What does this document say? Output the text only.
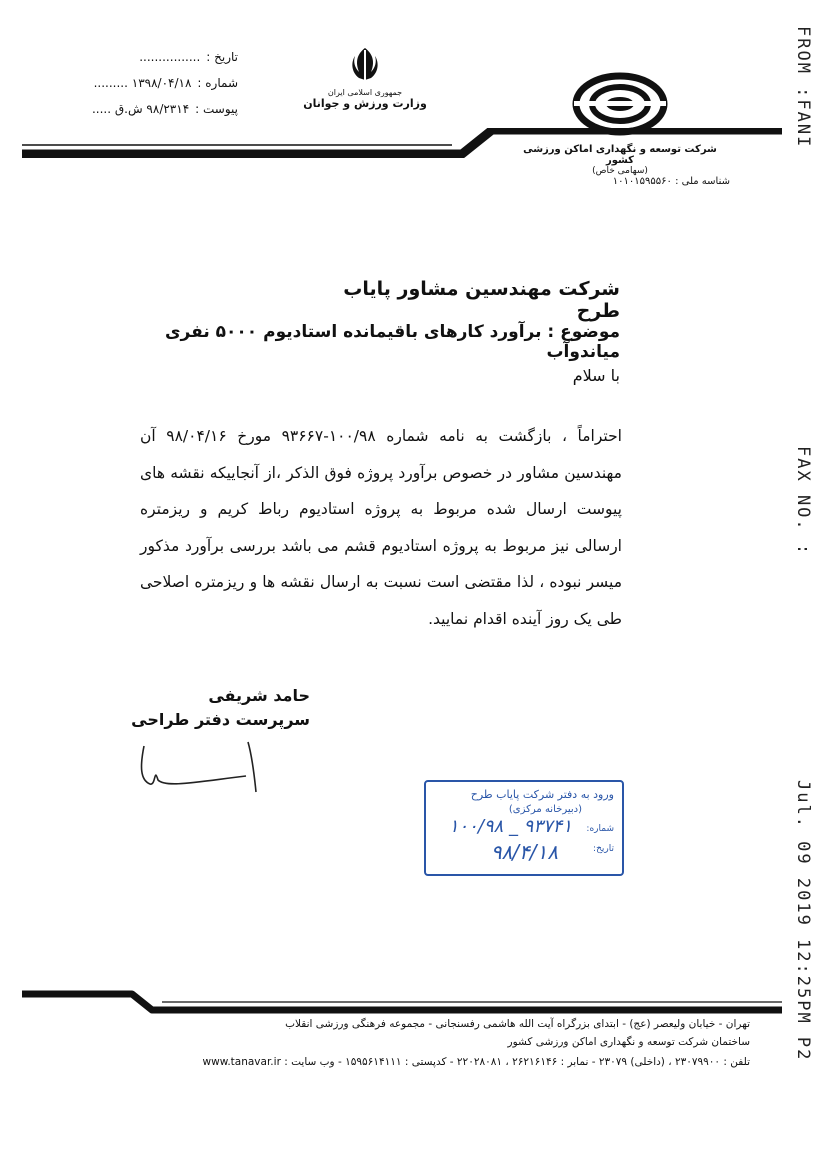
FROM :FANI
FAX NO. :
Jul. 09 2019 12:25PM P2
تاریخ :
................
شماره :
۱۳۹۸/۰۴/۱۸ .........
پیوست :
۹۸/۲۳۱۴ ش.ق .....
جمهوری اسلامی ایران
وزارت ورزش و جوانان
شرکت توسعه و نگهداری اماکن ورزشی کشور
(سهامی خاص)
شناسه ملی : ۱۰۱۰۱۵۹۵۵۶۰
شرکت مهندسین مشاور پایاب طرح
موضوع : برآورد کارهای باقیمانده استادیوم ۵۰۰۰ نفری میاندوآب
با سلام
احتراماً ، بازگشت به نامه شماره ۱۰۰/۹۸-۹۳۶۶۷ مورخ ۹۸/۰۴/۱۶ آن مهندسین مشاور در خصوص برآورد پروژه فوق الذکر ،از آنجاییکه نقشه های پیوست ارسال شده مربوط به پروژه استادیوم رباط کریم و ریزمتره ارسالی نیز مربوط به پروژه استادیوم قشم می باشد بررسی برآورد مذکور میسر نبوده ، لذا مقتضی است نسبت به ارسال نقشه ها و ریزمتره اصلاحی طی یک روز آینده اقدام نمایید.
حامد شریفی
سرپرست دفتر طراحی
ورود به دفتر شرکت پایاب طرح
(دبیرخانه مرکزی)
شماره:
۱۰۰/۹۸ _ ۹۳۷۴۱
تاریخ:
۹۸/۴/۱۸
تهران - خیابان ولیعصر (عج) - ابتدای بزرگراه آیت الله هاشمی رفسنجانی - مجموعه فرهنگی ورزشی انقلاب
ساختمان شرکت توسعه و نگهداری اماکن ورزشی کشور
تلفن : ۲۳۰۷۹۹۰۰ ، (داخلی) ۲۳۰۷۹ - نمابر : ۲۶۲۱۶۱۴۶ ، ۲۲۰۲۸۰۸۱ - کدپستی : ۱۵۹۵۶۱۴۱۱۱ - وب سایت : www.tanavar.ir
